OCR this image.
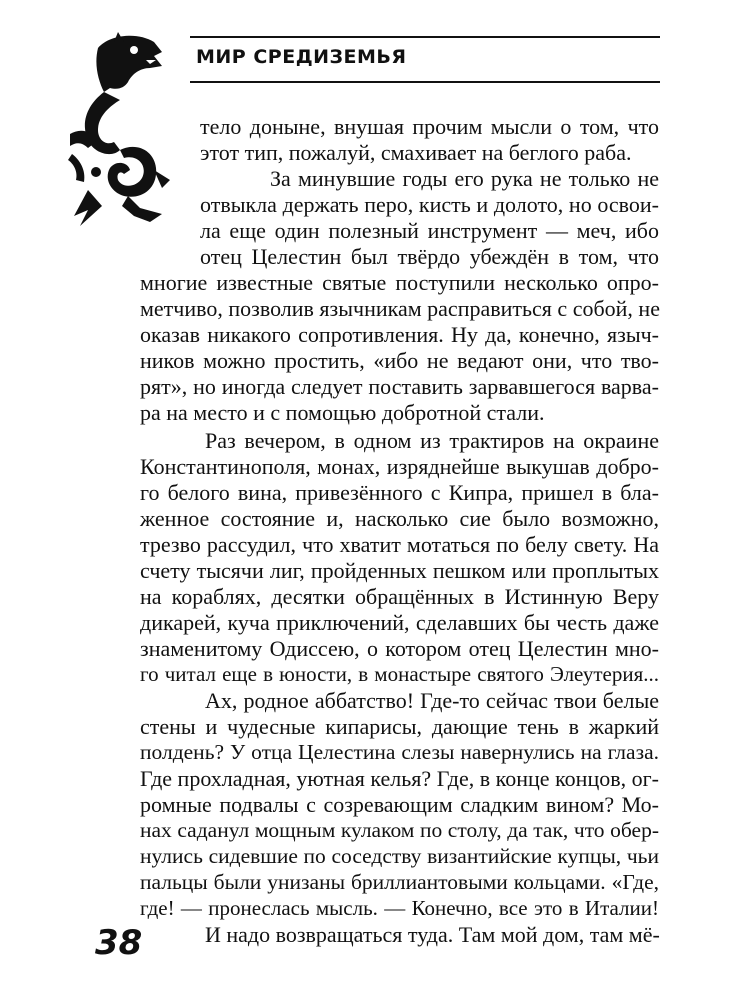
МИР СРЕДИЗЕМЬЯ
тело доныне, внушая прочим мысли о том, что
этот тип, пожалуй, смахивает на беглого раба.
За минувшие годы его рука не только не
отвыкла держать перо, кисть и долото, но освои-
ла еще один полезный инструмент — меч, ибо
отец Целестин был твёрдо убеждён в том, что
многие известные святые поступили несколько опро-
метчиво, позволив язычникам расправиться с собой, не
оказав никакого сопротивления. Ну да, конечно, языч-
ников можно простить, «ибо не ведают они, что тво-
рят», но иногда следует поставить зарвавшегося варва-
ра на место и с помощью добротной стали.
Раз вечером, в одном из трактиров на окраине
Константинополя, монах, изряднейше выкушав добро-
го белого вина, привезённого с Кипра, пришел в бла-
женное состояние и, насколько сие было возможно,
трезво рассудил, что хватит мотаться по белу свету. На
счету тысячи лиг, пройденных пешком или проплытых
на кораблях, десятки обращённых в Истинную Веру
дикарей, куча приключений, сделавших бы честь даже
знаменитому Одиссею, о котором отец Целестин мно-
го читал еще в юности, в монастыре святого Элеутерия...
Ах, родное аббатство! Где-то сейчас твои белые
стены и чудесные кипарисы, дающие тень в жаркий
полдень? У отца Целестина слезы навернулись на глаза.
Где прохладная, уютная келья? Где, в конце концов, ог-
ромные подвалы с созревающим сладким вином? Мо-
нах саданул мощным кулаком по столу, да так, что обер-
нулись сидевшие по соседству византийские купцы, чьи
пальцы были унизаны бриллиантовыми кольцами. «Где,
где! — пронеслась мысль. — Конечно, все это в Италии!
И надо возвращаться туда. Там мой дом, там мё-
38
